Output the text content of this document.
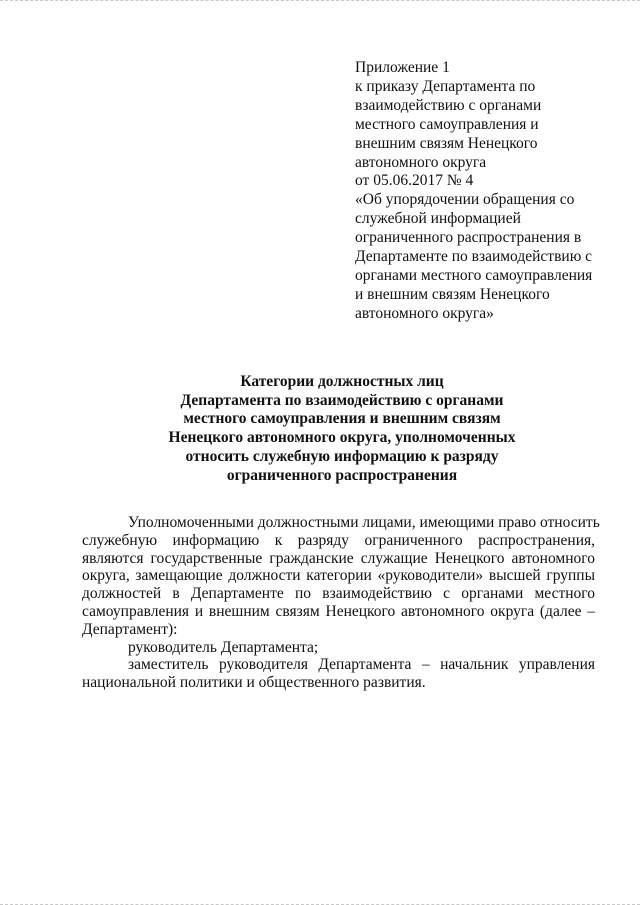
Приложение 1
к приказу Департамента по
взаимодействию с органами
местного самоуправления и
внешним связям Ненецкого
автономного округа
от 05.06.2017 № 4
«Об упорядочении обращения со
служебной информацией
ограниченного распространения в
Департаменте по взаимодействию с
органами местного самоуправления
и внешним связям Ненецкого
автономного округа»
Категории должностных лиц
Департамента по взаимодействию с органами
местного самоуправления и внешним связям
Ненецкого автономного округа, уполномоченных
относить служебную информацию к разряду
ограниченного распространения
Уполномоченными должностными лицами, имеющими право относить
служебную информацию к разряду ограниченного распространения,
являются государственные гражданские служащие Ненецкого автономного
округа, замещающие должности категории «руководители» высшей группы
должностей в Департаменте по взаимодействию с органами местного
самоуправления и внешним связям Ненецкого автономного округа (далее –
Департамент):
руководитель Департамента;
заместитель руководителя Департамента – начальник управления
национальной политики и общественного развития.
